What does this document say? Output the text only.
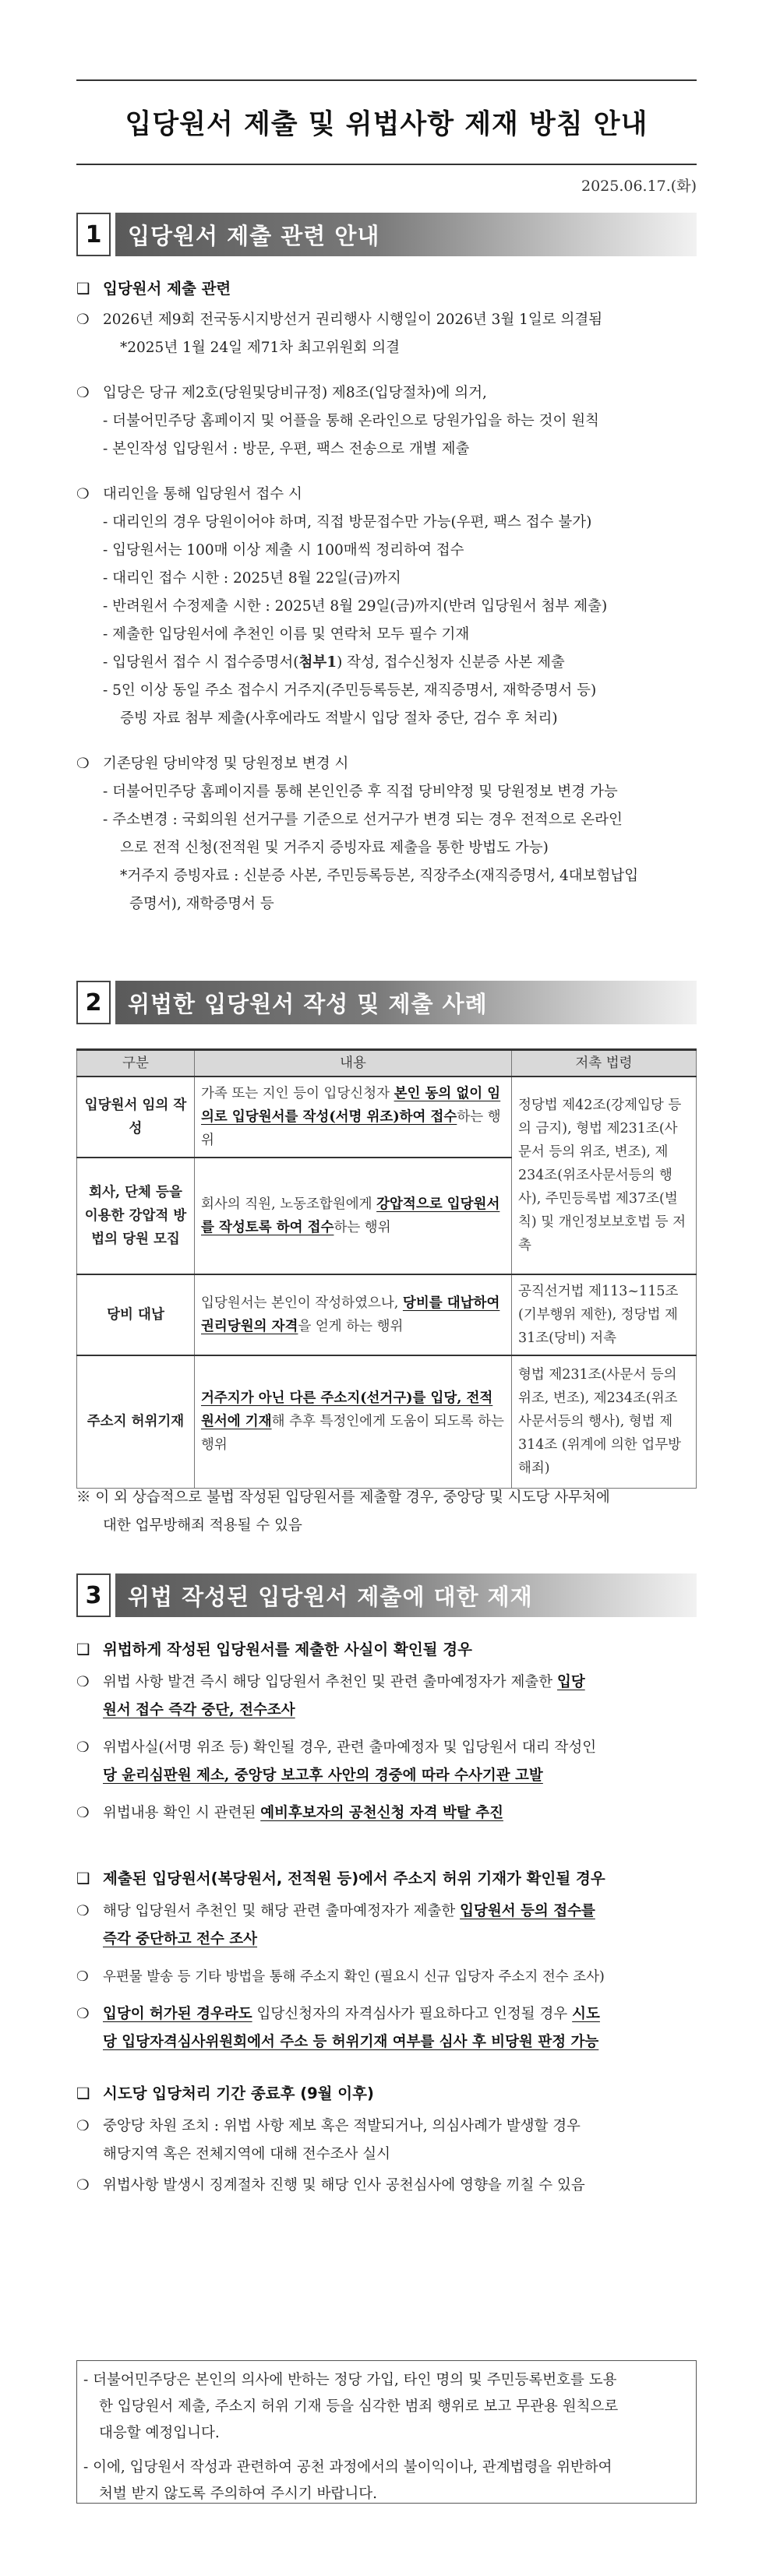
입당원서 제출 및 위법사항 제재 방침 안내
2025.06.17.(화)
1	입당원서 제출 관련 안내
❑ 입당원서 제출 관련
❍ 2026년 제9회 전국동시지방선거 권리행사 시행일이 2026년 3월 1일로 의결됨
*2025년 1월 24일 제71차 최고위원회 의결
❍ 입당은 당규 제2호(당원및당비규정) 제8조(입당절차)에 의거,
- 더불어민주당 홈페이지 및 어플을 통해 온라인으로 당원가입을 하는 것이 원칙
- 본인작성 입당원서 : 방문, 우편, 팩스 전송으로 개별 제출
❍ 대리인을 통해 입당원서 접수 시
- 대리인의 경우 당원이어야 하며, 직접 방문접수만 가능(우편, 팩스 접수 불가)
- 입당원서는 100매 이상 제출 시 100매씩 정리하여 접수
- 대리인 접수 시한 : 2025년 8월 22일(금)까지
- 반려원서 수정제출 시한 : 2025년 8월 29일(금)까지(반려 입당원서 첨부 제출)
- 제출한 입당원서에 추천인 이름 및 연락처 모두 필수 기재
- 입당원서 접수 시 접수증명서( 첨부1 ) 작성, 접수신청자 신분증 사본 제출
- 5인 이상 동일 주소 접수시 거주지(주민등록등본, 재직증명서, 재학증명서 등)
증빙 자료 첨부 제출(사후에라도 적발시 입당 절차 중단, 검수 후 처리)
❍ 기존당원 당비약정 및 당원정보 변경 시
- 더불어민주당 홈페이지를 통해 본인인증 후 직접 당비약정 및 당원정보 변경 가능
- 주소변경 : 국회의원 선거구를 기준으로 선거구가 변경 되는 경우 전적으로 온라인
으로 전적 신청(전적원 및 거주지 증빙자료 제출을 통한 방법도 가능)
*거주지 증빙자료 : 신분증 사본, 주민등록등본, 직장주소(재직증명서, 4대보험납입
증명서), 재학증명서 등
2	위법한 입당원서 작성 및 제출 사례
구분	내용	저촉 법령
입당원서 임의 작성	가족 또는 지인 등이 입당신청자 본인 동의 없이 임의로 입당원서를 작성(서명 위조)하여 접수하는 행위	정당법 제42조(강제입당 등의 금지), 형법 제231조(사문서 등의 위조, 변조), 제234조(위조사문서등의 행사), 주민등록법 제37조(벌칙) 및 개인정보보호법 등 저촉
회사, 단체 등을 이용한 강압적 방법의 당원 모집	회사의 직원, 노동조합원에게 강압적으로 입당원서를 작성토록 하여 접수하는 행위	
당비 대납	입당원서는 본인이 작성하였으나, 당비를 대납하여 권리당원의 자격을 얻게 하는 행위	공직선거법 제113~115조(기부행위 제한), 정당법 제31조(당비) 저촉
주소지 허위기재	거주지가 아닌 다른 주소지(선거구)를 입당, 전적원서에 기재해 추후 특정인에게 도움이 되도록 하는 행위	형법 제231조(사문서 등의 위조, 변조), 제234조(위조사문서등의 행사), 형법 제314조 (위계에 의한 업무방해죄)
※ 이 외 상습적으로 불법 작성된 입당원서를 제출할 경우, 중앙당 및 시도당 사무처에
대한 업무방해죄 적용될 수 있음
3	위법 작성된 입당원서 제출에 대한 제재
❑ 위법하게 작성된 입당원서를 제출한 사실이 확인될 경우
❍ 위법 사항 발견 즉시 해당 입당원서 추천인 및 관련 출마예정자가 제출한 입당
원서 접수 즉각 중단, 전수조사
❍ 위법사실(서명 위조 등) 확인될 경우, 관련 출마예정자 및 입당원서 대리 작성인
당 윤리심판원 제소, 중앙당 보고후 사안의 경중에 따라 수사기관 고발
❍ 위법내용 확인 시 관련된 예비후보자의 공천신청 자격 박탈 추진
❑ 제출된 입당원서(복당원서, 전적원 등)에서 주소지 허위 기재가 확인될 경우
❍ 해당 입당원서 추천인 및 해당 관련 출마예정자가 제출한 입당원서 등의 접수를
즉각 중단하고 전수 조사
❍	우편물 발송 등 기타 방법을 통해 주소지 확인 (필요시 신규 입당자 주소지 전수 조사)
❍ 입당이 허가된 경우라도 입당신청자의 자격심사가 필요하다고 인정될 경우 시도
당 입당자격심사위원회에서 주소 등 허위기재 여부를 심사 후 비당원 판정 가능
❑ 시도당 입당처리 기간 종료후 (9월 이후)
❍ 중앙당 차원 조치 : 위법 사항 제보 혹은 적발되거나, 의심사례가 발생할 경우
해당지역 혹은 전체지역에 대해 전수조사 실시
❍ 위법사항 발생시 징계절차 진행 및 해당 인사 공천심사에 영향을 끼칠 수 있음
- 더불어민주당은 본인의 의사에 반하는 정당 가입, 타인 명의 및 주민등록번호를 도용
한 입당원서 제출, 주소지 허위 기재 등을 심각한 범죄 행위로 보고 무관용 원칙으로
대응할 예정입니다.
- 이에, 입당원서 작성과 관련하여 공천 과정에서의 불이익이나, 관계법령을 위반하여
처벌 받지 않도록 주의하여 주시기 바랍니다.
